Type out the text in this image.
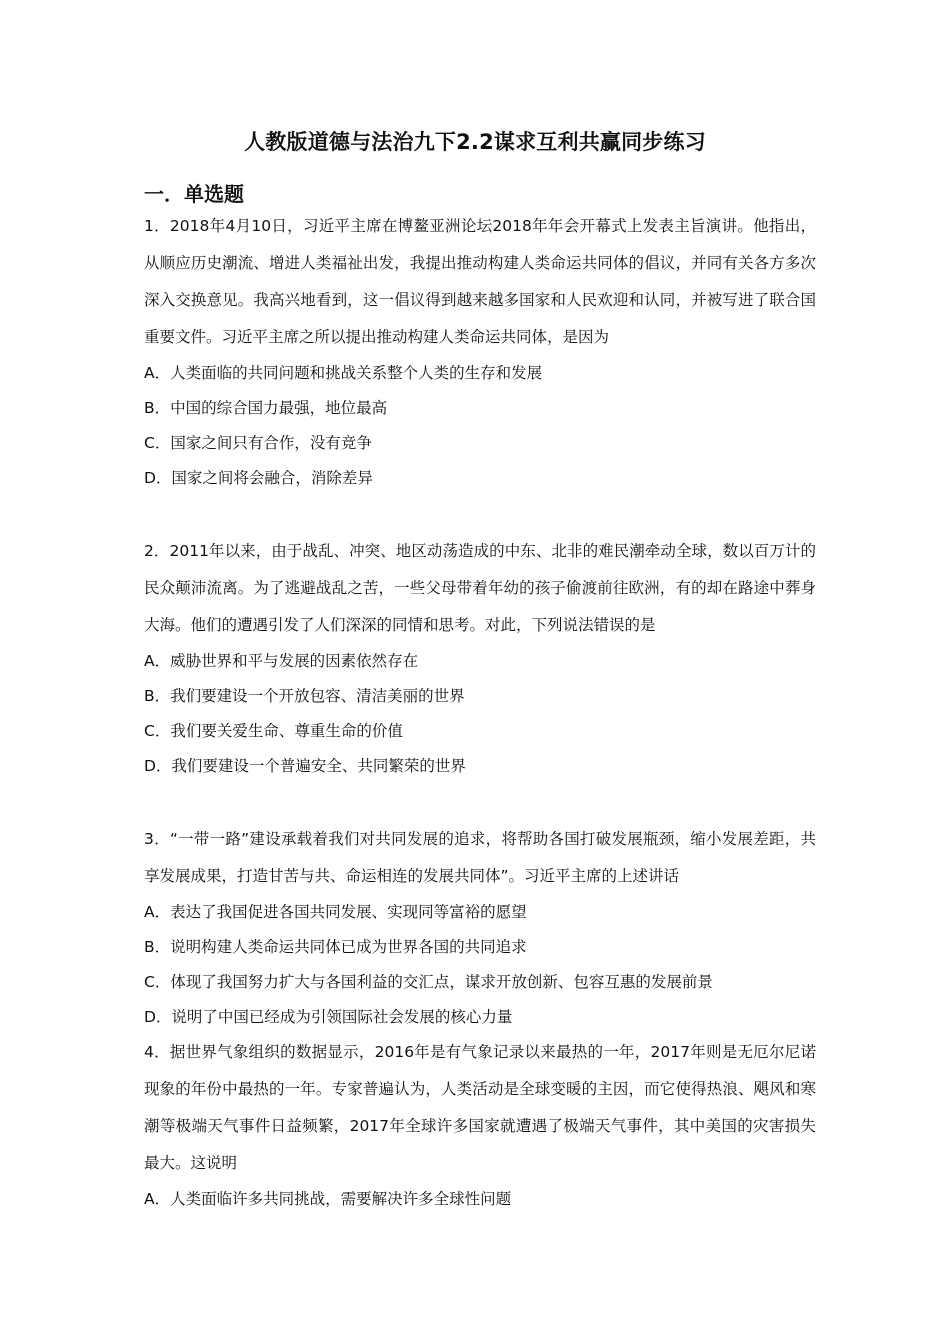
人教版道德与法治九下2.2谋求互利共赢同步练习
一．单选题

1．2018年4月10日，习近平主席在博鳌亚洲论坛2018年年会开幕式上发表主旨演讲。他指出，从顺应历史潮流、增进人类福祉出发，我提出推动构建人类命运共同体的倡议，并同有关各方多次深入交换意见。我高兴地看到，这一倡议得到越来越多国家和人民欢迎和认同，并被写进了联合国重要文件。习近平主席之所以提出推动构建人类命运共同体，是因为

A．人类面临的共同问题和挑战关系整个人类的生存和发展

B．中国的综合国力最强，地位最高

C．国家之间只有合作，没有竞争

D．国家之间将会融合，消除差异

2．2011年以来，由于战乱、冲突、地区动荡造成的中东、北非的难民潮牵动全球，数以百万计的民众颠沛流离。为了逃避战乱之苦，一些父母带着年幼的孩子偷渡前往欧洲，有的却在路途中葬身大海。他们的遭遇引发了人们深深的同情和思考。对此，下列说法错误的是

A．威胁世界和平与发展的因素依然存在

B．我们要建设一个开放包容、清洁美丽的世界

C．我们要关爱生命、尊重生命的价值

D．我们要建设一个普遍安全、共同繁荣的世界

3．“一带一路”建设承载着我们对共同发展的追求，将帮助各国打破发展瓶颈，缩小发展差距，共享发展成果，打造甘苦与共、命运相连的发展共同体”。习近平主席的上述讲话

A．表达了我国促进各国共同发展、实现同等富裕的愿望

B．说明构建人类命运共同体已成为世界各国的共同追求

C．体现了我国努力扩大与各国利益的交汇点，谋求开放创新、包容互惠的发展前景

D．说明了中国已经成为引领国际社会发展的核心力量

4．据世界气象组织的数据显示，2016年是有气象记录以来最热的一年，2017年则是无厄尔尼诺现象的年份中最热的一年。专家普遍认为，人类活动是全球变暖的主因，而它使得热浪、飓风和寒潮等极端天气事件日益频繁，2017年全球许多国家就遭遇了极端天气事件，其中美国的灾害损失最大。这说明

A．人类面临许多共同挑战，需要解决许多全球性问题
